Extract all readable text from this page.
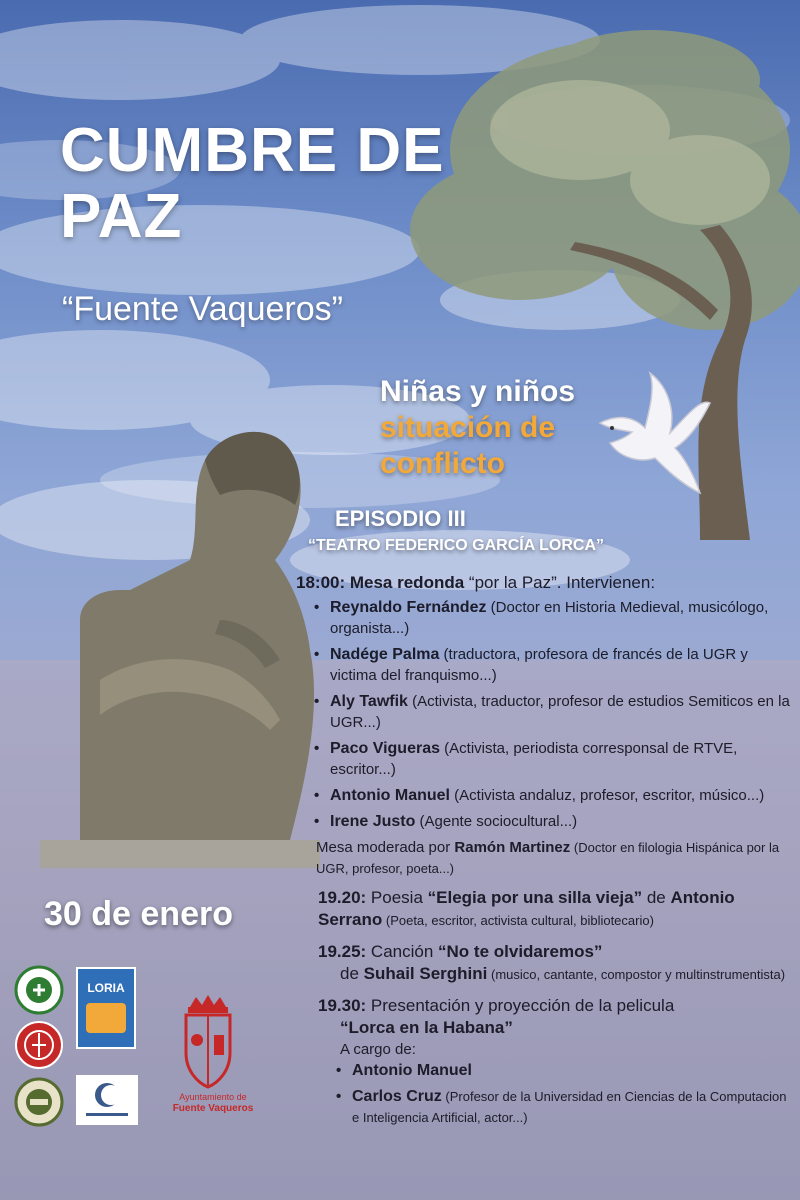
CUMBRE DE
PAZ
“Fuente Vaqueros”
Niñas y niños
situación de
conflicto
EPISODIO III
“TEATRO FEDERICO GARCÍA LORCA”
18:00: Mesa redonda “por la Paz”. Intervienen:
• Reynaldo Fernández (Doctor en Historia Medieval, musicólogo, organista...)
• Nadége Palma (traductora, profesora de francés de la UGR y victima del franquismo...)
• Aly Tawfik (Activista, traductor, profesor de estudios Semiticos en la UGR...)
• Paco Vigueras (Activista, periodista corresponsal de RTVE, escritor...)
• Antonio Manuel (Activista andaluz, profesor, escritor, músico...)
• Irene Justo (Agente sociocultural...)
Mesa moderada por Ramón Martinez (Doctor en filologia Hispánica por la UGR, profesor, poeta...)
19.20: Poesia “Elegia por una silla vieja” de Antonio Serrano (Poeta, escritor, activista cultural, bibliotecario)
19.25: Canción “No te olvidaremos”
de Suhail Serghini (musico, cantante, compostor y multinstrumentista)
19.30: Presentación y proyección de la pelicula
“Lorca en la Habana”
A cargo de:
• Antonio Manuel
• Carlos Cruz (Profesor de la Universidad en Ciencias de la Computacion e Inteligencia Artificial, actor...)
30 de enero
LORIA
Ayuntamiento de
Fuente Vaqueros
